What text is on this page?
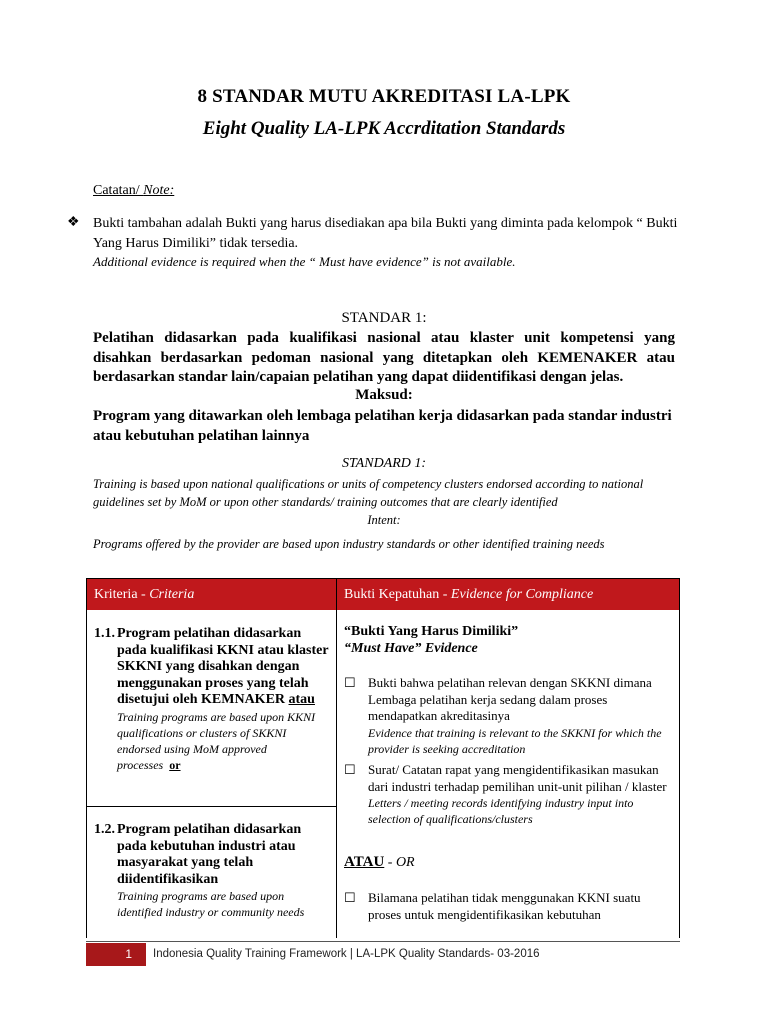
8 STANDAR MUTU AKREDITASI LA-LPK
Eight Quality LA-LPK Accrditation Standards
Catatan/ Note:
❖ Bukti tambahan adalah Bukti yang harus disediakan apa bila Bukti yang diminta pada kelompok “ Bukti Yang Harus Dimiliki” tidak tersedia.
Additional evidence is required when the “ Must have evidence” is not available.
STANDAR 1:
Pelatihan didasarkan pada kualifikasi nasional atau klaster unit kompetensi yang disahkan berdasarkan pedoman nasional yang ditetapkan oleh KEMENAKER atau berdasarkan standar lain/capaian pelatihan yang dapat diidentifikasi dengan jelas.
Maksud:
Program yang ditawarkan oleh lembaga pelatihan kerja didasarkan pada standar industri atau kebutuhan pelatihan lainnya
STANDARD 1:
Training is based upon national qualifications or units of competency clusters endorsed according to national guidelines set by MoM or upon other standards/ training outcomes that are clearly identified
Intent:
Programs offered by the provider are based upon industry standards or other identified training needs
Kriteria - Criteria	Bukti Kepatuhan - Evidence for Compliance
1.1. Program pelatihan didasarkan pada kualifikasi KKNI atau klaster SKKNI yang disahkan dengan menggunakan proses yang telah disetujui oleh KEMNAKER atau
Training programs are based upon KKNI qualifications or clusters of SKKNI endorsed using MoM approved processes or
1.2. Program pelatihan didasarkan pada kebutuhan industri atau masyarakat yang telah diidentifikasikan
Training programs are based upon identified industry or community needs
“Bukti Yang Harus Dimiliki”
“Must Have” Evidence
☐ Bukti bahwa pelatihan relevan dengan SKKNI dimana Lembaga pelatihan kerja sedang dalam proses mendapatkan akreditasinya
Evidence that training is relevant to the SKKNI for which the provider is seeking accreditation
☐ Surat/ Catatan rapat yang mengidentifikasikan masukan dari industri terhadap pemilihan unit-unit pilihan / klaster
Letters / meeting records identifying industry input into selection of qualifications/clusters
ATAU - OR
☐ Bilamana pelatihan tidak menggunakan KKNI suatu proses untuk mengidentifikasikan kebutuhan
1	Indonesia Quality Training Framework | LA-LPK Quality Standards- 03-2016
